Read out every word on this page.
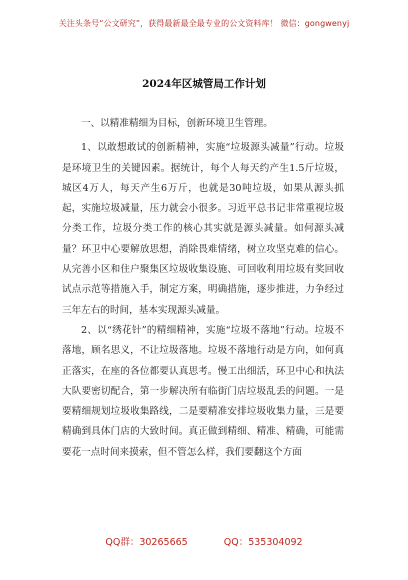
关注头条号“公文研究”，获得最新最全最专业的公文资料库！ 微信：gongwenyj
2024年区城管局工作计划
一、以精准精细为目标，创新环境卫生管理。
1、以敢想敢试的创新精神，实施“垃圾源头减量”行动。垃圾是环境卫生的关键因素。据统计，每个人每天约产生1.5斤垃圾，城区4万人，每天产生6万斤，也就是30吨垃圾，如果从源头抓起，实施垃圾减量，压力就会小很多。习近平总书记非常重视垃圾分类工作，垃圾分类工作的核心其实就是源头减量。如何源头减量？环卫中心要解放思想，消除畏难情绪，树立攻坚克难的信心。从完善小区和住户聚集区垃圾收集设施、可回收利用垃圾有奖回收试点示范等措施入手，制定方案，明确措施，逐步推进，力争经过三年左右的时间，基本实现源头减量。
2、以“绣花针”的精细精神，实施“垃圾不落地”行动。垃圾不落地，顾名思义，不让垃圾落地。垃圾不落地行动是方向，如何真正落实，在座的各位都要认真思考。慢工出细活，环卫中心和执法大队要密切配合，第一步解决所有临街门店垃圾乱丢的问题。一是要精细规划垃圾收集路线，二是要精准安排垃圾收集力量，三是要精确到具体门店的大致时间。真正做到精细、精准、精确，可能需要花一点时间来摸索，但不管怎么样，我们要翻这个方面
QQ群：30265665	QQ：535304092
